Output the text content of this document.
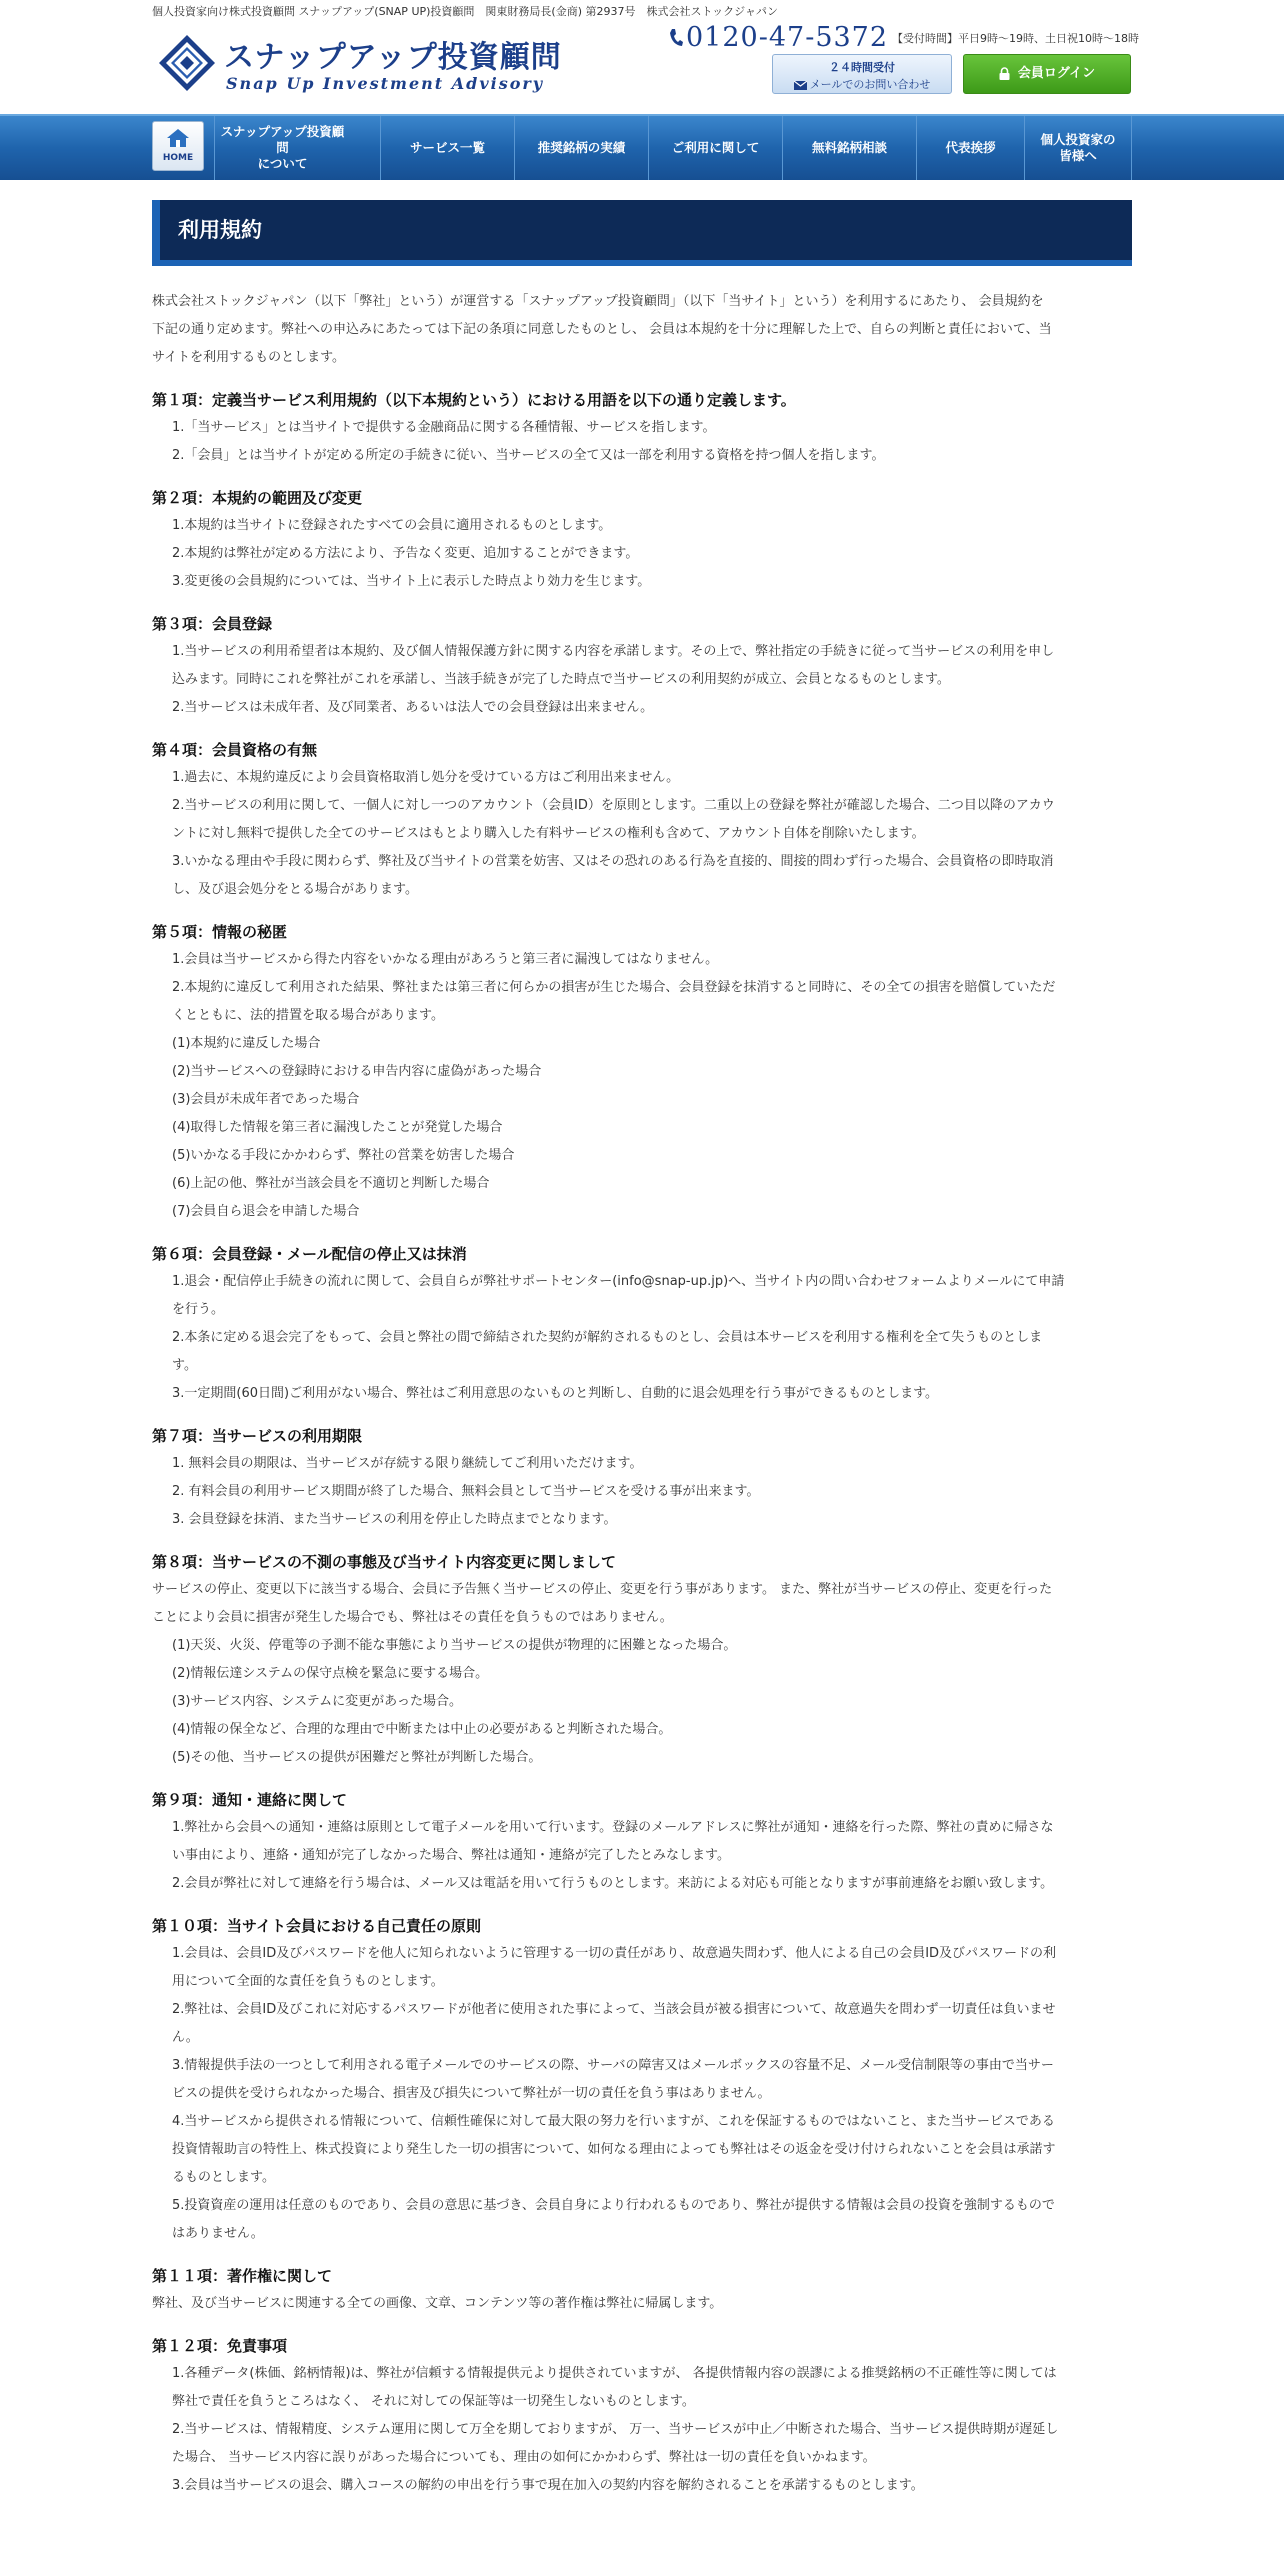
個人投資家向け株式投資顧問 スナップアップ(SNAP UP)投資顧問　関東財務局長(金商) 第2937号　株式会社ストックジャパン
スナップアップ投資顧問
Snap Up Investment Advisory
0120-47-5372 【受付時間】平日9時〜19時、土日祝10時〜18時
２４時間受付
メールでのお問い合わせ
会員ログイン
HOME
スナップアップ投資顧問
について
サービス一覧	推奨銘柄の実績	ご利用に関して	無料銘柄相談	代表挨拶
個人投資家の
皆様へ
利用規約
株式会社ストックジャパン（以下「弊社」という）が運営する「スナップアップ投資顧問」（以下「当サイト」という）を利用するにあたり、 会員規約を
下記の通り定めます。弊社への申込みにあたっては下記の条項に同意したものとし、 会員は本規約を十分に理解した上で、自らの判断と責任において、当
サイトを利用するものとします。
第１項：定義当サービス利用規約（以下本規約という）における用語を以下の通り定義します。
1.「当サービス」とは当サイトで提供する金融商品に関する各種情報、サービスを指します。
2.「会員」とは当サイトが定める所定の手続きに従い、当サービスの全て又は一部を利用する資格を持つ個人を指します。
第２項：本規約の範囲及び変更
1.本規約は当サイトに登録されたすべての会員に適用されるものとします。
2.本規約は弊社が定める方法により、予告なく変更、追加することができます。
3.変更後の会員規約については、当サイト上に表示した時点より効力を生じます。
第３項：会員登録
1.当サービスの利用希望者は本規約、及び個人情報保護方針に関する内容を承諾します。その上で、弊社指定の手続きに従って当サービスの利用を申し
込みます。同時にこれを弊社がこれを承諾し、当該手続きが完了した時点で当サービスの利用契約が成立、会員となるものとします。
2.当サービスは未成年者、及び同業者、あるいは法人での会員登録は出来ません。
第４項：会員資格の有無
1.過去に、本規約違反により会員資格取消し処分を受けている方はご利用出来ません。
2.当サービスの利用に関して、一個人に対し一つのアカウント（会員ID）を原則とします。二重以上の登録を弊社が確認した場合、二つ目以降のアカウ
ントに対し無料で提供した全てのサービスはもとより購入した有料サービスの権利も含めて、アカウント自体を削除いたします。
3.いかなる理由や手段に関わらず、弊社及び当サイトの営業を妨害、又はその恐れのある行為を直接的、間接的問わず行った場合、会員資格の即時取消
し、及び退会処分をとる場合があります。
第５項：情報の秘匿
1.会員は当サービスから得た内容をいかなる理由があろうと第三者に漏洩してはなりません。
2.本規約に違反して利用された結果、弊社または第三者に何らかの損害が生じた場合、会員登録を抹消すると同時に、その全ての損害を賠償していただ
くとともに、法的措置を取る場合があります。
(1)本規約に違反した場合
(2)当サービスへの登録時における申告内容に虚偽があった場合
(3)会員が未成年者であった場合
(4)取得した情報を第三者に漏洩したことが発覚した場合
(5)いかなる手段にかかわらず、弊社の営業を妨害した場合
(6)上記の他、弊社が当該会員を不適切と判断した場合
(7)会員自ら退会を申請した場合
第６項：会員登録・メール配信の停止又は抹消
1.退会・配信停止手続きの流れに関して、会員自らが弊社サポートセンター(info@snap-up.jp)へ、当サイト内の問い合わせフォームよりメールにて申請
を行う。
2.本条に定める退会完了をもって、会員と弊社の間で締結された契約が解約されるものとし、会員は本サービスを利用する権利を全て失うものとしま
す。
3.一定期間(60日間)ご利用がない場合、弊社はご利用意思のないものと判断し、自動的に退会処理を行う事ができるものとします。
第７項：当サービスの利用期限
1. 無料会員の期限は、当サービスが存続する限り継続してご利用いただけます。
2. 有料会員の利用サービス期間が終了した場合、無料会員として当サービスを受ける事が出来ます。
3. 会員登録を抹消、また当サービスの利用を停止した時点までとなります。
第８項：当サービスの不測の事態及び当サイト内容変更に関しまして
サービスの停止、変更以下に該当する場合、会員に予告無く当サービスの停止、変更を行う事があります。 また、弊社が当サービスの停止、変更を行った
ことにより会員に損害が発生した場合でも、弊社はその責任を負うものではありません。
(1)天災、火災、停電等の予測不能な事態により当サービスの提供が物理的に困難となった場合。
(2)情報伝達システムの保守点検を緊急に要する場合。
(3)サービス内容、システムに変更があった場合。
(4)情報の保全など、合理的な理由で中断または中止の必要があると判断された場合。
(5)その他、当サービスの提供が困難だと弊社が判断した場合。
第９項：通知・連絡に関して
1.弊社から会員への通知・連絡は原則として電子メールを用いて行います。登録のメールアドレスに弊社が通知・連絡を行った際、弊社の責めに帰さな
い事由により、連絡・通知が完了しなかった場合、弊社は通知・連絡が完了したとみなします。
2.会員が弊社に対して連絡を行う場合は、メール又は電話を用いて行うものとします。来訪による対応も可能となりますが事前連絡をお願い致します。
第１０項：当サイト会員における自己責任の原則
1.会員は、会員ID及びパスワードを他人に知られないように管理する一切の責任があり、故意過失問わず、他人による自己の会員ID及びパスワードの利
用について全面的な責任を負うものとします。
2.弊社は、会員ID及びこれに対応するパスワードが他者に使用された事によって、当該会員が被る損害について、故意過失を問わず一切責任は負いませ
ん。
3.情報提供手法の一つとして利用される電子メールでのサービスの際、サーバの障害又はメールボックスの容量不足、メール受信制限等の事由で当サー
ビスの提供を受けられなかった場合、損害及び損失について弊社が一切の責任を負う事はありません。
4.当サービスから提供される情報について、信頼性確保に対して最大限の努力を行いますが、これを保証するものではないこと、また当サービスである
投資情報助言の特性上、株式投資により発生した一切の損害について、如何なる理由によっても弊社はその返金を受け付けられないことを会員は承諾す
るものとします。
5.投資資産の運用は任意のものであり、会員の意思に基づき、会員自身により行われるものであり、弊社が提供する情報は会員の投資を強制するもので
はありません。
第１１項：著作権に関して
弊社、及び当サービスに関連する全ての画像、文章、コンテンツ等の著作権は弊社に帰属します。
第１２項：免責事項
1.各種データ(株価、銘柄情報)は、弊社が信頼する情報提供元より提供されていますが、 各提供情報内容の誤謬による推奨銘柄の不正確性等に関しては
弊社で責任を負うところはなく、 それに対しての保証等は一切発生しないものとします。
2.当サービスは、情報精度、システム運用に関して万全を期しておりますが、 万一、当サービスが中止／中断された場合、当サービス提供時期が遅延し
た場合、 当サービス内容に誤りがあった場合についても、理由の如何にかかわらず、弊社は一切の責任を負いかねます。
3.会員は当サービスの退会、購入コースの解約の申出を行う事で現在加入の契約内容を解約されることを承諾するものとします。
